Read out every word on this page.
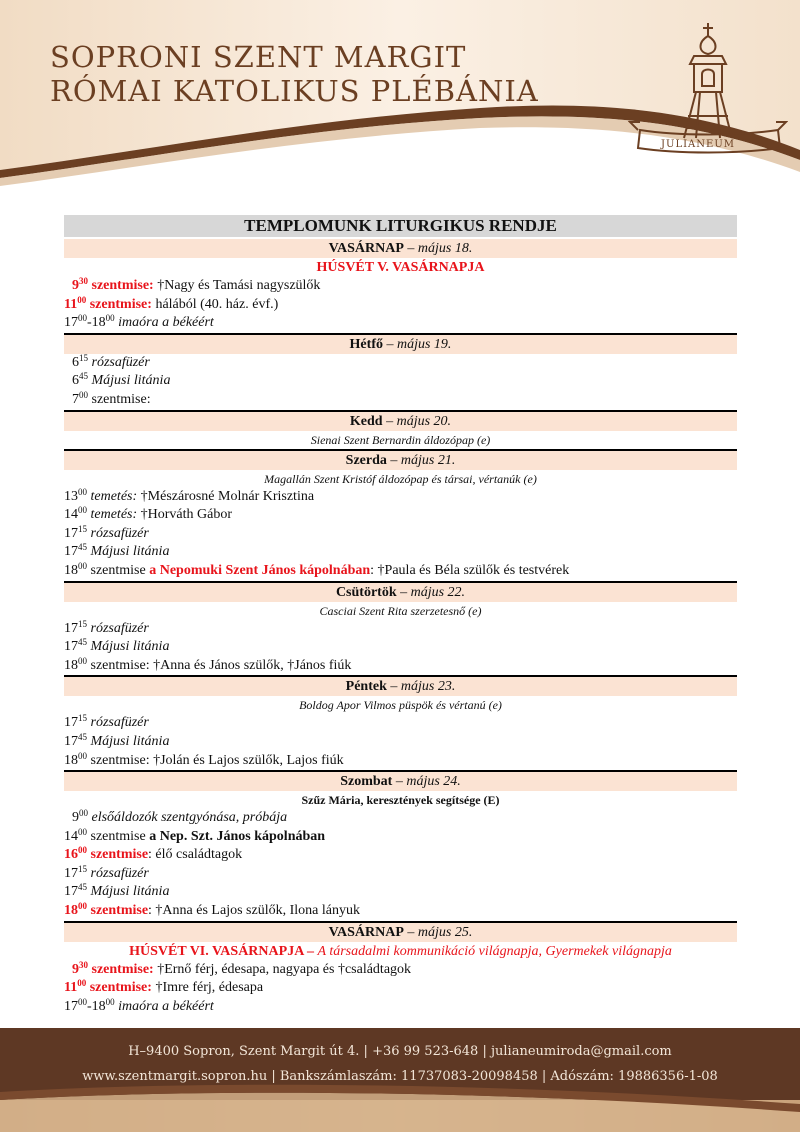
SOPRONI SZENT MARGIT
RÓMAI KATOLIKUS PLÉBÁNIA
JULIANEUM
TEMPLOMUNK LITURGIKUS RENDJE
VASÁRNAP – május 18.
HÚSVÉT V. VASÁRNAPJA
$9^{30}$ szentmise: †Nagy és Tamási nagyszülők
$11^{00}$ szentmise: hálából (40. ház. évf.)
$17^{00}-18^{00}$ imaóra a békéért
Hétfő – május 19.
$6^{15}$ rózsafüzér
$6^{45}$ Májusi litánia
$7^{00}$ szentmise:
Kedd – május 20.
Sienai Szent Bernardin áldozópap (e)
Szerda – május 21.
Magallán Szent Kristóf áldozópap és társai, vértanúk (e)
$13^{00}$ temetés: †Mészárosné Molnár Krisztina
$14^{00}$ temetés: †Horváth Gábor
$17^{15}$ rózsafüzér
$17^{45}$ Májusi litánia
$18^{00}$ szentmise a Nepomuki Szent János kápolnában: †Paula és Béla szülők és testvérek
Csütörtök – május 22.
Casciai Szent Rita szerzetesnő (e)
$17^{15}$ rózsafüzér
$17^{45}$ Májusi litánia
$18^{00}$ szentmise: †Anna és János szülők, †János fiúk
Péntek – május 23.
Boldog Apor Vilmos püspök és vértanú (e)
$17^{15}$ rózsafüzér
$17^{45}$ Májusi litánia
$18^{00}$ szentmise: †Jolán és Lajos szülők, Lajos fiúk
Szombat – május 24.
Szűz Mária, keresztények segítsége (E)
$9^{00}$ elsőáldozók szentgyónása, próbája
$14^{00}$ szentmise a Nep. Szt. János kápolnában
$16^{00}$ szentmise: élő családtagok
$17^{15}$ rózsafüzér
$17^{45}$ Májusi litánia
$18^{00}$ szentmise: †Anna és Lajos szülők, Ilona lányuk
VASÁRNAP – május 25.
HÚSVÉT VI. VASÁRNAPJA – A társadalmi kommunikáció világnapja, Gyermekek világnapja
$9^{30}$ szentmise: †Ernő férj, édesapa, nagyapa és †családtagok
$11^{00}$ szentmise: †Imre férj, édesapa
$17^{00}-18^{00}$ imaóra a békéért
H–9400 Sopron, Szent Margit út 4. | +36 99 523-648 | julianeumiroda@gmail.com
www.szentmargit.sopron.hu | Bankszámlaszám: 11737083-20098458 | Adószám: 19886356-1-08
